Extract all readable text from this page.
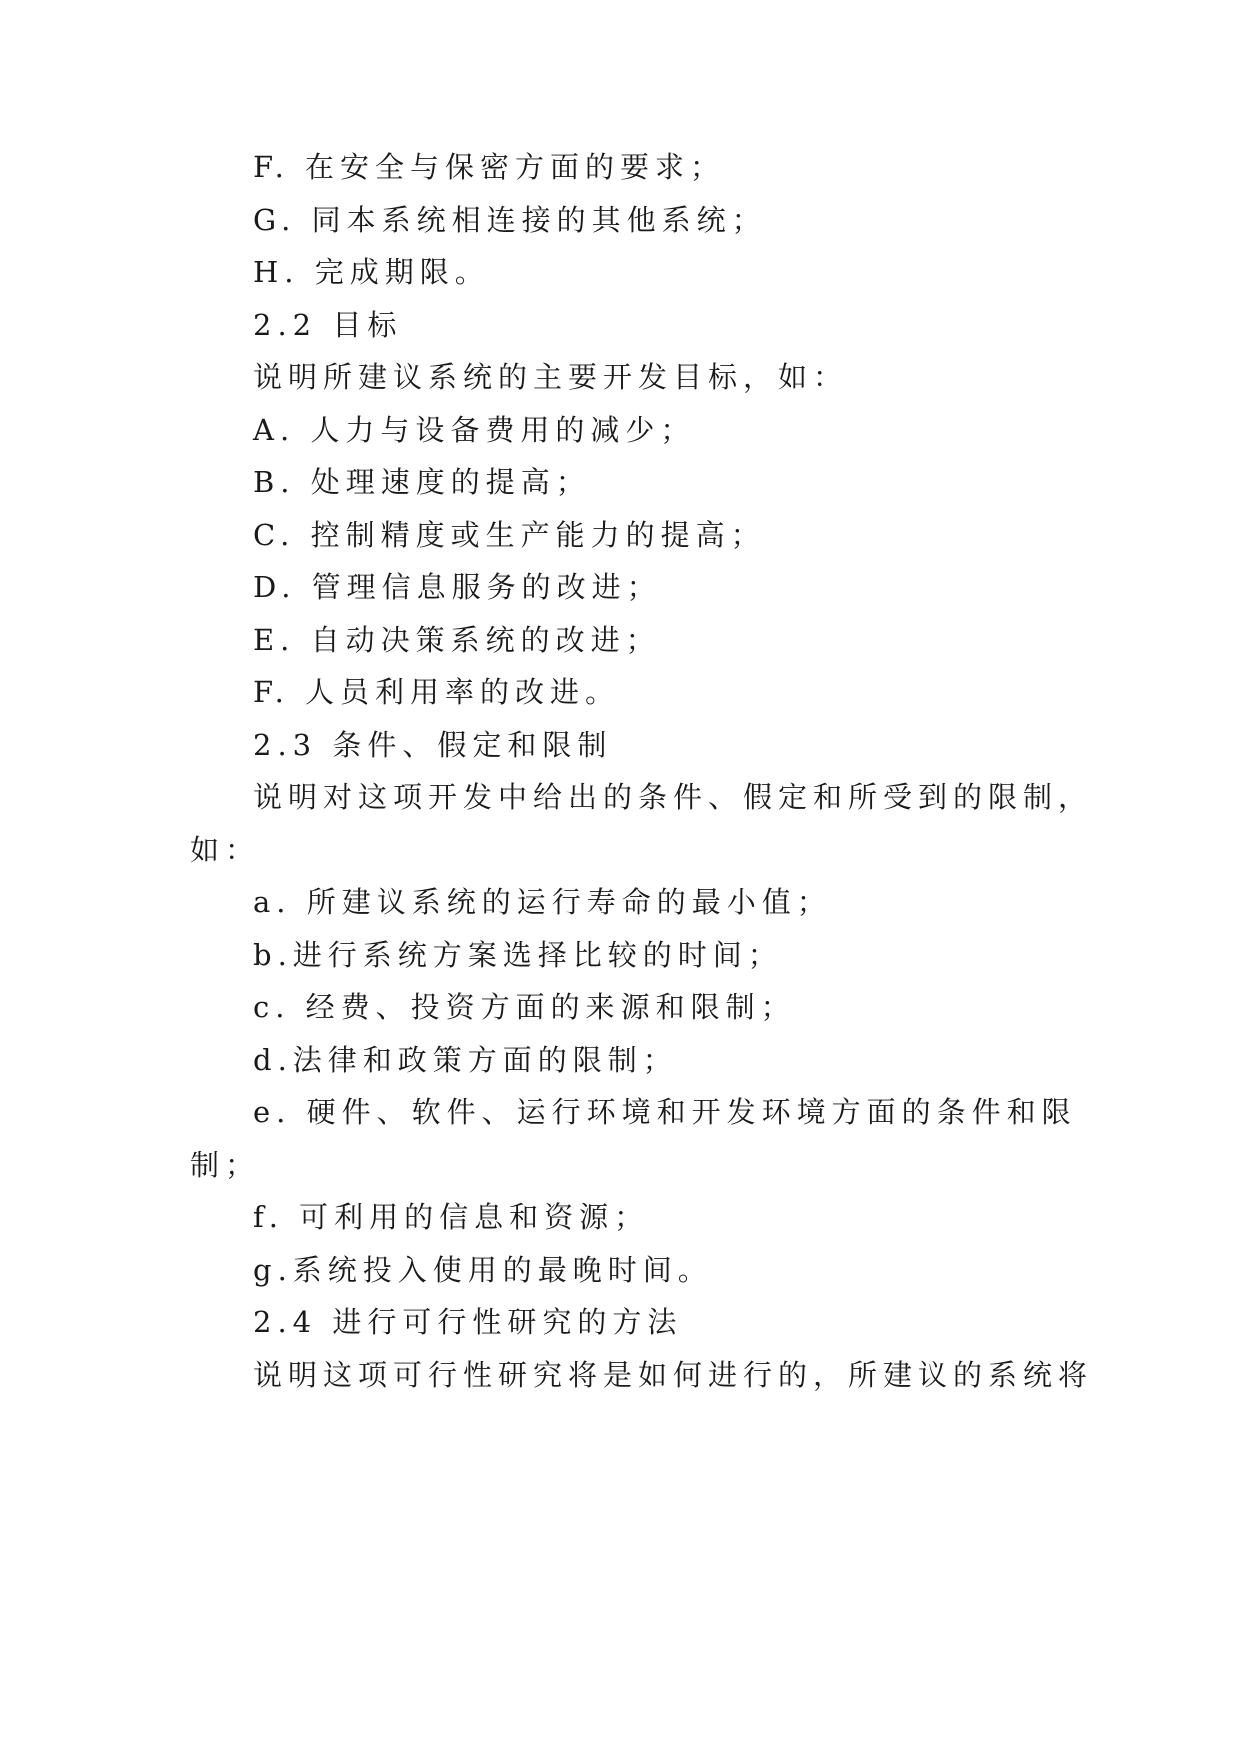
F. 在安全与保密方面的要求；
G. 同本系统相连接的其他系统；
H. 完成期限。
2.2 目标
说明所建议系统的主要开发目标，如：
A. 人力与设备费用的减少；
B. 处理速度的提高；
C. 控制精度或生产能力的提高；
D. 管理信息服务的改进；
E. 自动决策系统的改进；
F. 人员利用率的改进。
2.3 条件、假定和限制
说明对这项开发中给出的条件、假定和所受到的限制，
如：
a. 所建议系统的运行寿命的最小值；
b.进行系统方案选择比较的时间；
c. 经费、投资方面的来源和限制；
d.法律和政策方面的限制；
e. 硬件、软件、运行环境和开发环境方面的条件和限
制；
f. 可利用的信息和资源；
g.系统投入使用的最晚时间。
2.4 进行可行性研究的方法
说明这项可行性研究将是如何进行的，所建议的系统将
